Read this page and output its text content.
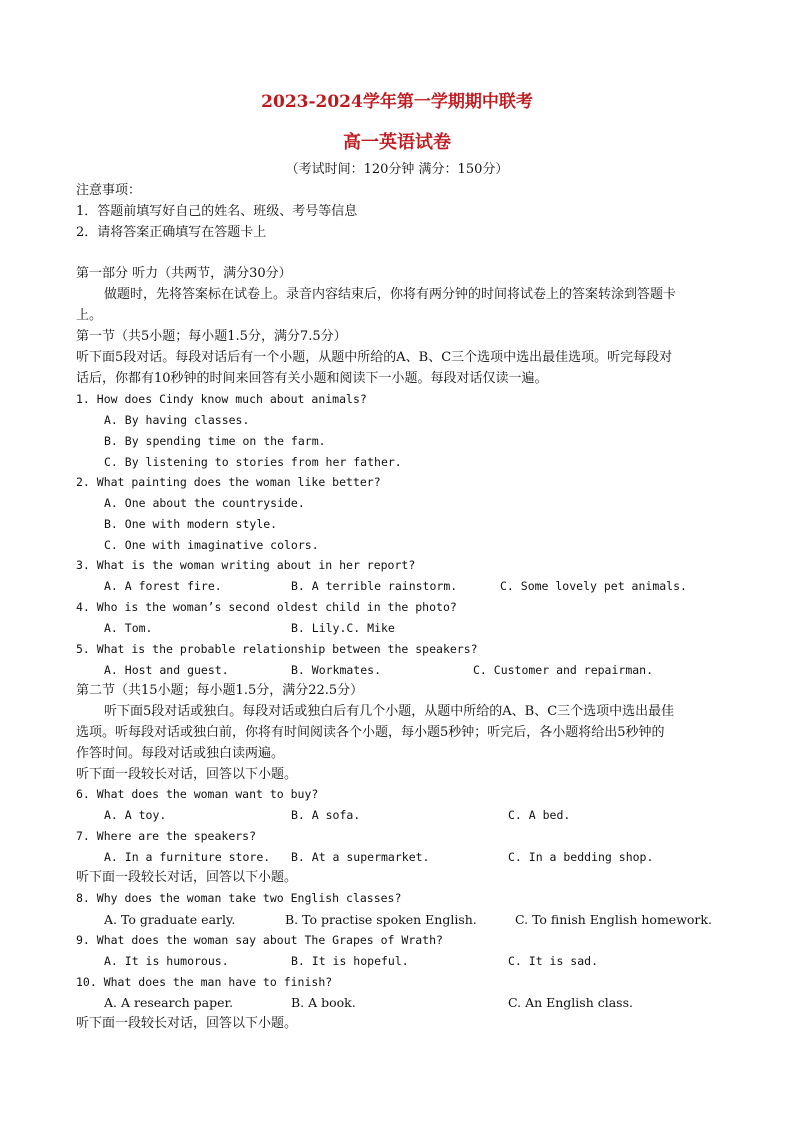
2023-2024学年第一学期期中联考
高一英语试卷
（考试时间：120分钟 满分：150分）
注意事项：
1．答题前填写好自己的姓名、班级、考号等信息
2．请将答案正确填写在答题卡上
第一部分 听力（共两节，满分30分）
做题时，先将答案标在试卷上。录音内容结束后，你将有两分钟的时间将试卷上的答案转涂到答题卡
上。
第一节（共5小题；每小题1.5分，满分7.5分）
听下面5段对话。每段对话后有一个小题，从题中所给的A、B、C三个选项中选出最佳选项。听完每段对
话后，你都有10秒钟的时间来回答有关小题和阅读下一小题。每段对话仅读一遍。
1. How does Cindy know much about animals?
A. By having classes.
B. By spending time on the farm.
C. By listening to stories from her father.
2. What painting does the woman like better?
A. One about the countryside.
B. One with modern style.
C. One with imaginative colors.
3. What is the woman writing about in her report?
A. A forest fire.	B. A terrible rainstorm.	C. Some lovely pet animals.
4. Who is the woman’s second oldest child in the photo?
A. Tom.	B. Lily.C. Mike
5. What is the probable relationship between the speakers?
A. Host and guest.	B. Workmates.	C. Customer and repairman.
第二节（共15小题；每小题1.5分，满分22.5分）
听下面5段对话或独白。每段对话或独白后有几个小题，从题中所给的A、B、C三个选项中选出最佳
选项。听每段对话或独白前，你将有时间阅读各个小题，每小题5秒钟；听完后，各小题将给出5秒钟的
作答时间。每段对话或独白读两遍。
听下面一段较长对话，回答以下小题。
6. What does the woman want to buy?
A. A toy.	B. A sofa.	C. A bed.
7. Where are the speakers?
A. In a furniture store. B. At a supermarket.	C. In a bedding shop.
听下面一段较长对话，回答以下小题。
8. Why does the woman take two English classes?
A. To graduate early.	B. To practise spoken English.	C. To finish English homework.
9. What does the woman say about The Grapes of Wrath?
A. It is humorous.	B. It is hopeful.	C. It is sad.
10. What does the man have to finish?
A. A research paper.	B. A book.	C. An English class.
听下面一段较长对话，回答以下小题。
